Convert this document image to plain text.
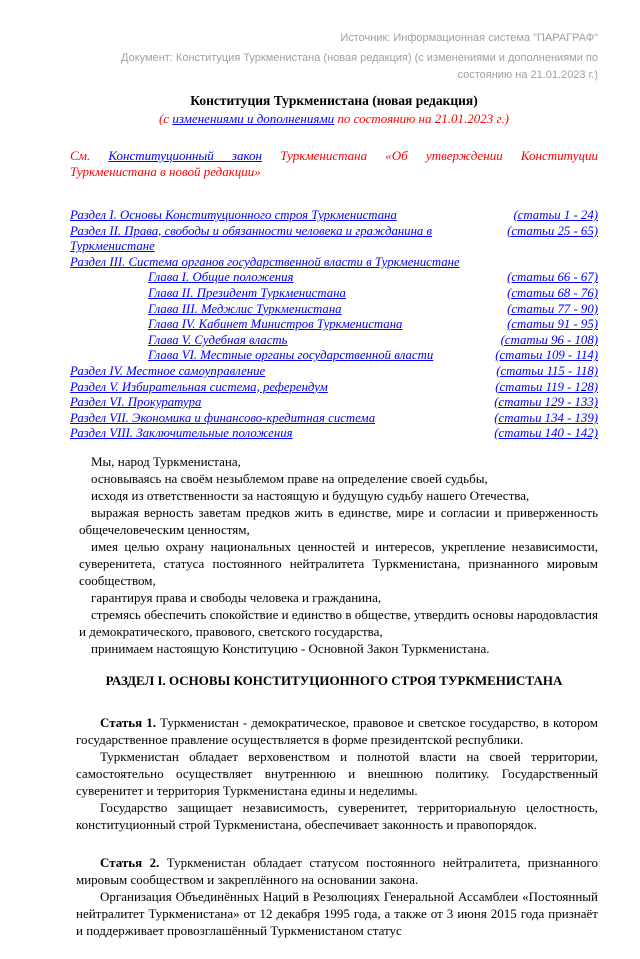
Источник: Информационная система "ПАРАГРАФ"
Документ: Конституция Туркменистана (новая редакция) (с изменениями и дополнениями по состоянию на 21.01.2023 г.)
Конституция Туркменистана (новая редакция)
(с изменениями и дополнениями по состоянию на 21.01.2023 г.)
См. Конституционный закон Туркменистана «Об утверждении Конституции Туркменистана в новой редакции»
Раздел I. Основы Конституционного строя Туркменистана	(статьи 1 - 24)
Раздел II. Права, свободы и обязанности человека и гражданина в Туркменистане
(статьи 25 - 65)
Раздел III. Система органов государственной власти в Туркменистане
Глава I. Общие положения	(статьи 66 - 67)
Глава II. Президент Туркменистана	(статьи 68 - 76)
Глава III. Меджлис Туркменистана	(статьи 77 - 90)
Глава IV. Кабинет Министров Туркменистана	(статьи 91 - 95)
Глава V. Судебная власть	(статьи 96 - 108)
Глава VI. Местные органы государственной власти	(статьи 109 - 114)
Раздел IV. Местное самоуправление	(статьи 115 - 118)
Раздел V. Избирательная система, референдум	(статьи 119 - 128)
Раздел VI. Прокуратура	(статьи 129 - 133)
Раздел VII. Экономика и финансово-кредитная система	(статьи 134 - 139)
Раздел VIII. Заключительные положения	(статьи 140 - 142)

Мы, народ Туркменистана,

основываясь на своём незыблемом праве на определение своей судьбы,

исходя из ответственности за настоящую и будущую судьбу нашего Отечества,

выражая верность заветам предков жить в единстве, мире и согласии и приверженность общечеловеческим ценностям,

имея целью охрану национальных ценностей и интересов, укрепление независимости, суверенитета, статуса постоянного нейтралитета Туркменистана, признанного мировым сообществом,

гарантируя права и свободы человека и гражданина,

стремясь обеспечить спокойствие и единство в обществе, утвердить основы народовластия и демократического, правового, светского государства,

принимаем настоящую Конституцию - Основной Закон Туркменистана.

РАЗДЕЛ I. ОСНОВЫ КОНСТИТУЦИОННОГО СТРОЯ ТУРКМЕНИСТАНА

Статья 1. Туркменистан - демократическое, правовое и светское государство, в котором государственное правление осуществляется в форме президентской республики.

Туркменистан обладает верховенством и полнотой власти на своей территории, самостоятельно осуществляет внутреннюю и внешнюю политику. Государственный суверенитет и территория Туркменистана едины и неделимы.

Государство защищает независимость, суверенитет, территориальную целостность, конституционный строй Туркменистана, обеспечивает законность и правопорядок.

Статья 2. Туркменистан обладает статусом постоянного нейтралитета, признанного мировым сообществом и закреплённого на основании закона.

Организация Объединённых Наций в Резолюциях Генеральной Ассамблеи «Постоянный нейтралитет Туркменистана» от 12 декабря 1995 года, а также от 3 июня 2015 года признаёт и поддерживает провозглашённый Туркменистаном статус
